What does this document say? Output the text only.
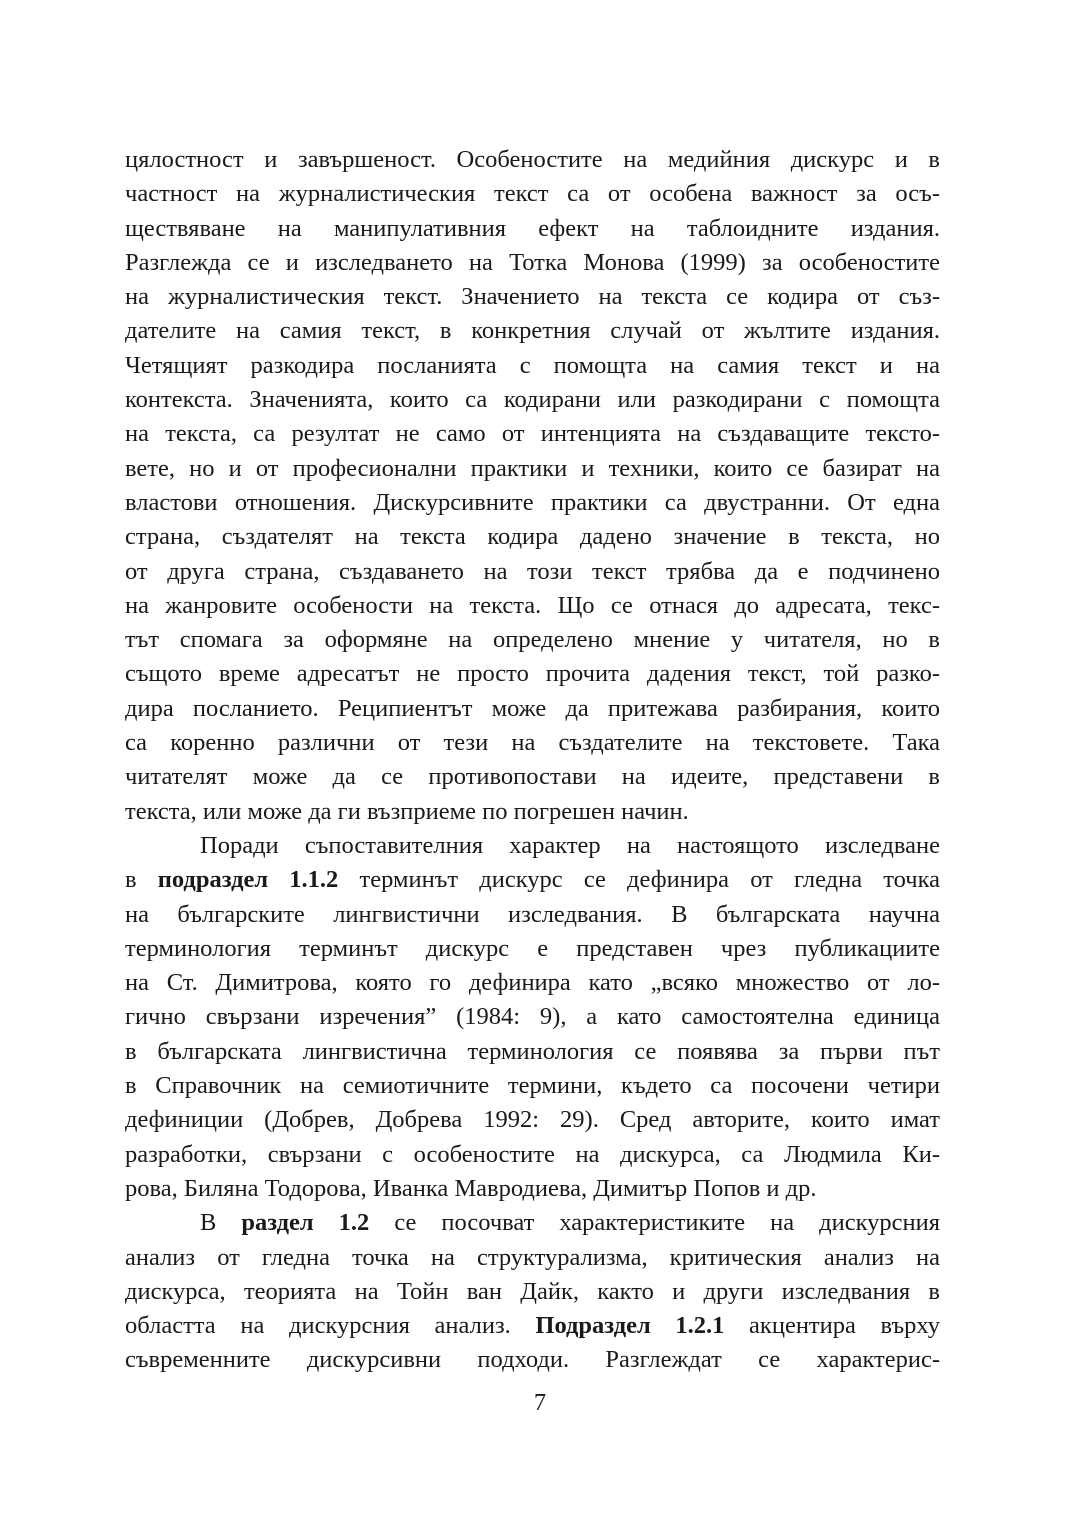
цялостност и завършеност. Особеностите на медийния дискурс и в
частност на журналистическия текст са от особена важност за осъ-
ществяване на манипулативния ефект на таблоидните издания.
Разглежда се и изследването на Тотка Монова (1999) за особеностите
на журналистическия текст. Значението на текста се кодира от съз-
дателите на самия текст, в конкретния случай от жълтите издания.
Четящият разкодира посланията с помощта на самия текст и на
контекста. Значенията, които са кодирани или разкодирани с помощта
на текста, са резултат не само от интенцията на създаващите тексто-
вете, но и от професионални практики и техники, които се базират на
властови отношения. Дискурсивните практики са двустранни. От една
страна, създателят на текста кодира дадено значение в текста, но
от друга страна, създаването на този текст трябва да е подчинено
на жанровите особености на текста. Що се отнася до адресата, текс-
тът спомага за оформяне на определено мнение у читателя, но в
същото време адресатът не просто прочита дадения текст, той разко-
дира посланието. Реципиентът може да притежава разбирания, които
са коренно различни от тези на създателите на текстовете. Така
читателят може да се противопостави на идеите, представени в
текста, или може да ги възприеме по погрешен начин.
Поради съпоставителния характер на настоящото изследване
в подраздел 1.1.2 терминът дискурс се дефинира от гледна точка
на българските лингвистични изследвания. В българската научна
терминология терминът дискурс е представен чрез публикациите
на Ст. Димитрова, която го дефинира като „всяко множество от ло-
гично свързани изречения” (1984: 9), а като самостоятелна единица
в българската лингвистична терминология се появява за първи път
в Справочник на семиотичните термини, където са посочени четири
дефиниции (Добрев, Добрева 1992: 29). Сред авторите, които имат
разработки, свързани с особеностите на дискурса, са Людмила Ки-
рова, Биляна Тодорова, Иванка Мавродиева, Димитър Попов и др.
В раздел 1.2 се посочват характеристиките на дискурсния
анализ от гледна точка на структурализма, критическия анализ на
дискурса, теорията на Тойн ван Дайк, както и други изследвания в
областта на дискурсния анализ. Подраздел 1.2.1 акцентира върху
съвременните дискурсивни подходи. Разглеждат се характерис-
7
